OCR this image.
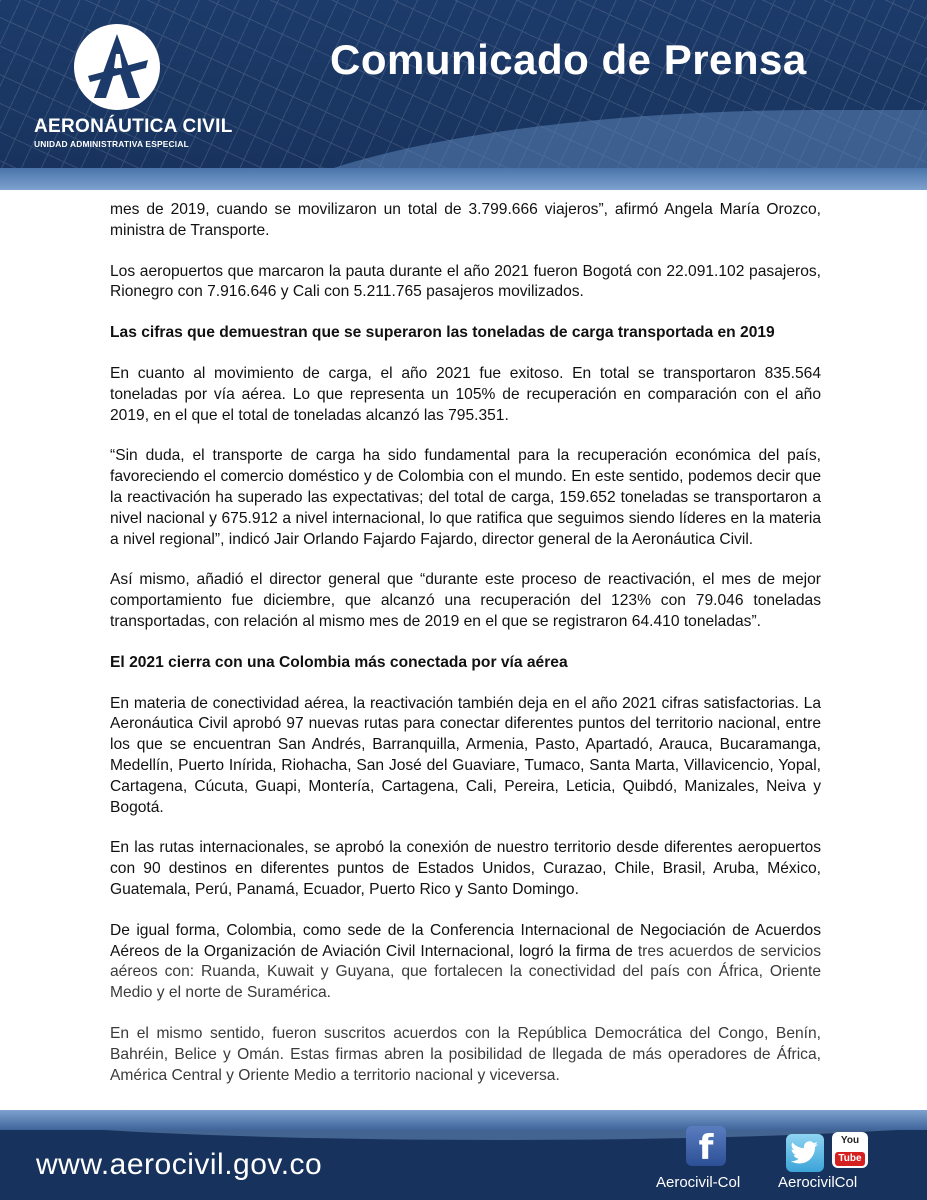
AERONÁUTICA CIVIL
UNIDAD ADMINISTRATIVA ESPECIAL
Comunicado de Prensa

mes de 2019, cuando se movilizaron un total de 3.799.666 viajeros”, afirmó Angela María Orozco, ministra de Transporte.

Los aeropuertos que marcaron la pauta durante el año 2021 fueron Bogotá con 22.091.102 pasajeros, Rionegro con 7.916.646 y Cali con 5.211.765 pasajeros movilizados.

Las cifras que demuestran que se superaron las toneladas de carga transportada en 2019

En cuanto al movimiento de carga, el año 2021 fue exitoso. En total se transportaron 835.564 toneladas por vía aérea. Lo que representa un 105% de recuperación en comparación con el año 2019, en el que el total de toneladas alcanzó las 795.351.

“Sin duda, el transporte de carga ha sido fundamental para la recuperación económica del país, favoreciendo el comercio doméstico y de Colombia con el mundo. En este sentido, podemos decir que la reactivación ha superado las expectativas; del total de carga, 159.652 toneladas se transportaron a nivel nacional y 675.912 a nivel internacional, lo que ratifica que seguimos siendo líderes en la materia a nivel regional”, indicó Jair Orlando Fajardo Fajardo, director general de la Aeronáutica Civil.

Así mismo, añadió el director general que “durante este proceso de reactivación, el mes de mejor comportamiento fue diciembre, que alcanzó una recuperación del 123% con 79.046 toneladas transportadas, con relación al mismo mes de 2019 en el que se registraron 64.410 toneladas”.

El 2021 cierra con una Colombia más conectada por vía aérea

En materia de conectividad aérea, la reactivación también deja en el año 2021 cifras satisfactorias. La Aeronáutica Civil aprobó 97 nuevas rutas para conectar diferentes puntos del territorio nacional, entre los que se encuentran San Andrés, Barranquilla, Armenia, Pasto, Apartadó, Arauca, Bucaramanga, Medellín, Puerto Inírida, Riohacha, San José del Guaviare, Tumaco, Santa Marta, Villavicencio, Yopal, Cartagena, Cúcuta, Guapi, Montería, Cartagena, Cali, Pereira, Leticia, Quibdó, Manizales, Neiva y Bogotá.

En las rutas internacionales, se aprobó la conexión de nuestro territorio desde diferentes aeropuertos con 90 destinos en diferentes puntos de Estados Unidos, Curazao, Chile, Brasil, Aruba, México, Guatemala, Perú, Panamá, Ecuador, Puerto Rico y Santo Domingo.

De igual forma, Colombia, como sede de la Conferencia Internacional de Negociación de Acuerdos Aéreos de la Organización de Aviación Civil Internacional, logró la firma de tres acuerdos de servicios aéreos con: Ruanda, Kuwait y Guyana, que fortalecen la conectividad del país con África, Oriente Medio y el norte de Suramérica.

En el mismo sentido, fueron suscritos acuerdos con la República Democrática del Congo, Benín, Bahréin, Belice y Omán. Estas firmas abren la posibilidad de llegada de más operadores de África, América Central y Oriente Medio a territorio nacional y viceversa.

www.aerocivil.gov.co	f	You
Tube
Aerocivil-Col	AerocivilCol
